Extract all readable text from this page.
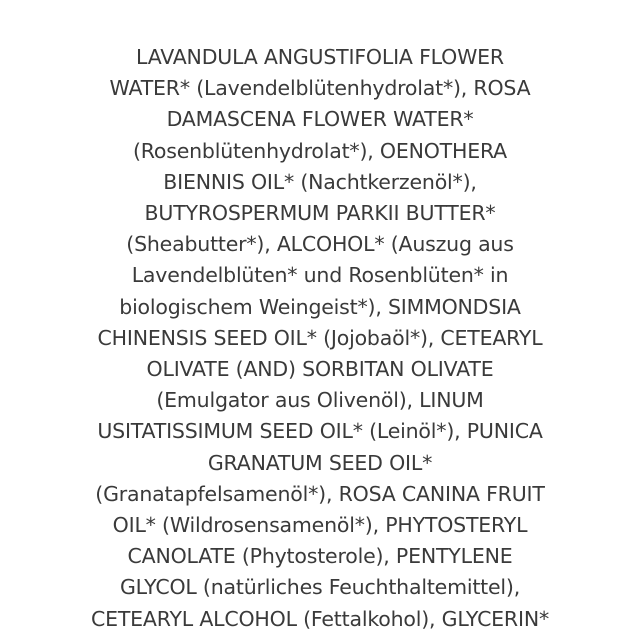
LAVANDULA ANGUSTIFOLIA FLOWER
WATER* (Lavendelblütenhydrolat*), ROSA
DAMASCENA FLOWER WATER*
(Rosenblütenhydrolat*), OENOTHERA
BIENNIS OIL* (Nachtkerzenöl*),
BUTYROSPERMUM PARKII BUTTER*
(Sheabutter*), ALCOHOL* (Auszug aus
Lavendelblüten* und Rosenblüten* in
biologischem Weingeist*), SIMMONDSIA
CHINENSIS SEED OIL* (Jojobaöl*), CETEARYL
OLIVATE (AND) SORBITAN OLIVATE
(Emulgator aus Olivenöl), LINUM
USITATISSIMUM SEED OIL* (Leinöl*), PUNICA
GRANATUM SEED OIL*
(Granatapfelsamenöl*), ROSA CANINA FRUIT
OIL* (Wildrosensamenöl*), PHYTOSTERYL
CANOLATE (Phytosterole), PENTYLENE
GLYCOL (natürliches Feuchthaltemittel),
CETEARYL ALCOHOL (Fettalkohol), GLYCERIN*
